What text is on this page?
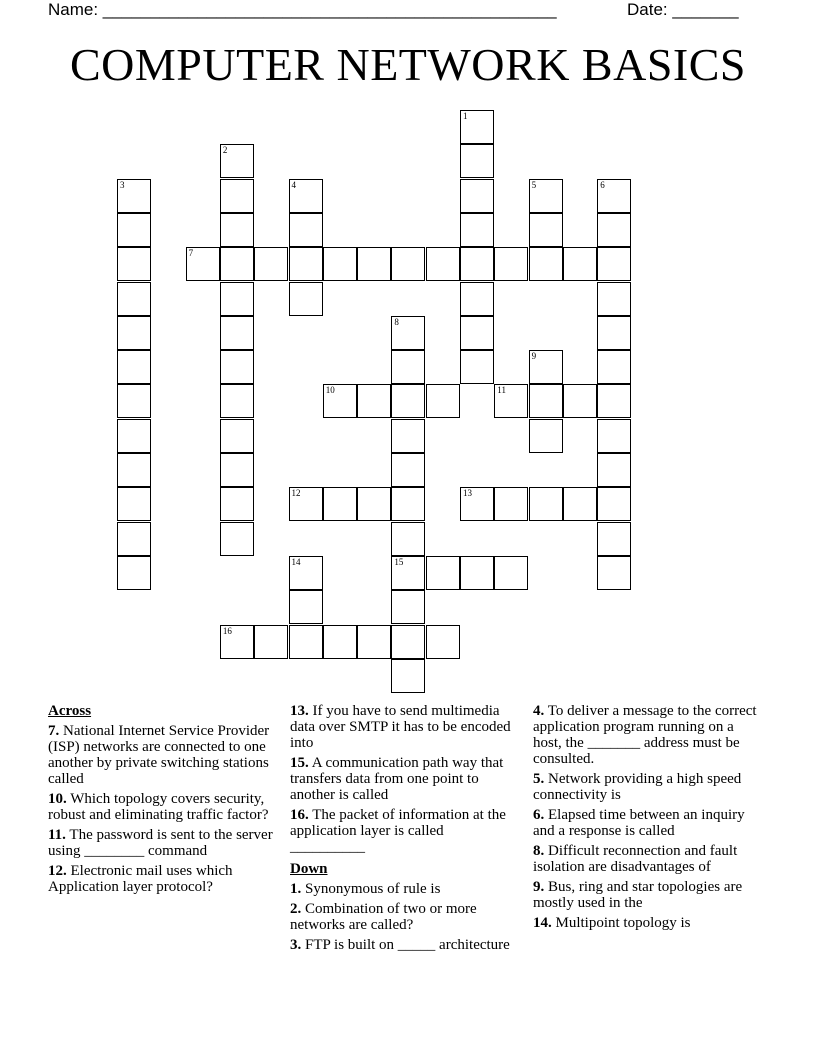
Name: ________________________________________________

	Date: _______

COMPUTER NETWORK BASICS
1
2
3	4	5	6
7
8
15
9
10	11
12	13
14
16
Across
7. National Internet Service Provider (ISP) networks are connected to one another by private switching stations called
10. Which topology covers security, robust and eliminating traffic factor?
11. The password is sent to the server using ________ command
12. Electronic mail uses which Application layer protocol?
13. If you have to send multimedia data over SMTP it has to be encoded into
15. A communication path way that transfers data from one point to another is called
16. The packet of information at the application layer is called __________
Down
1. Synonymous of rule is
2. Combination of two or more networks are called?
3. FTP is built on _____ architecture
4. To deliver a message to the correct application program running on a host, the _______ address must be consulted.
5. Network providing a high speed connectivity is
6. Elapsed time between an inquiry and a response is called
8. Difficult reconnection and fault isolation are disadvantages of
9. Bus, ring and star topologies are mostly used in the
14. Multipoint topology is
